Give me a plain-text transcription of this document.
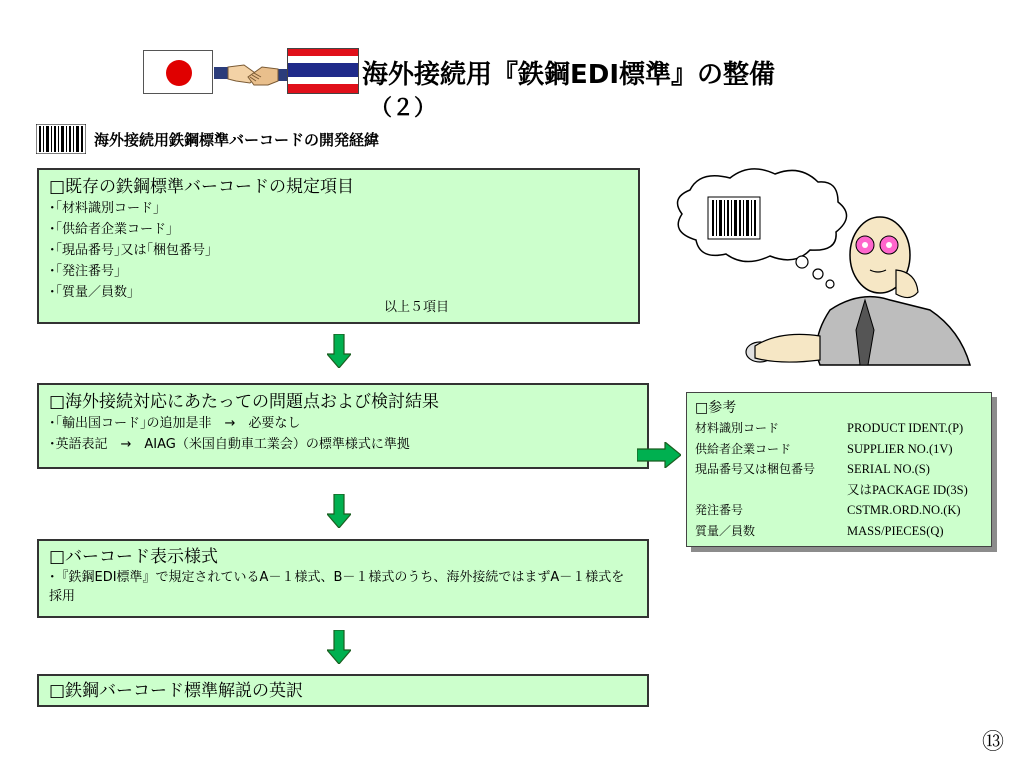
海外接続用『鉄鋼EDI標準』の整備
（２）
海外接続用鉄鋼標準バーコードの開発経緯
□既存の鉄鋼標準バーコードの規定項目
･｢材料識別コード｣
･｢供給者企業コード｣
･｢現品番号｣又は｢梱包番号｣
･｢発注番号｣
･｢質量／員数｣
以上５項目
□海外接続対応にあたっての問題点および検討結果
･｢輸出国コード｣の追加是非　→　必要なし
･英語表記　→　AIAG（米国自動車工業会）の標準様式に準拠
□バーコード表示様式
･『鉄鋼EDI標準』で規定されているA－１様式、B－１様式のうち、海外接続ではまずA－１様式を採用
□鉄鋼バーコード標準解説の英訳
□参考
材料識別コード	PRODUCT IDENT.(P)
供給者企業コード	SUPPLIER NO.(1V)
現品番号又は梱包番号	SERIAL NO.(S)
又はPACKAGE ID(3S)
発注番号	CSTMR.ORD.NO.(K)
質量／員数	MASS/PIECES(Q)
⑬
